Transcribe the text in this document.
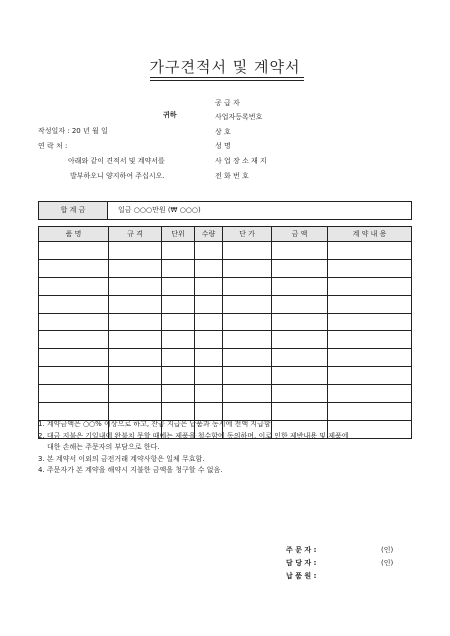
가구견적서 및 계약서
귀하
작성일자 : 20 년 월 일
연 락 처 :
아래와 같이 견적서 및 계약서를
발부하오니 양지하여 주십시오.
공 급 자
사업자등록번호
상 호
성 명
사 업 장 소 재 지
전 화 번 호
합 계 금	일금 ○○○만원 (₩ ○○○)
품 명	규 격	단위	수량	단 가	금 액	계 약 내 용

1. 계약금액은 ○○% 이상으로 하고, 잔금 지급은 납품과 동시에 전액 지급함.
2. 대금 지불은 기일내에 완불치 못할 때에는 제품을 철수함에 동의하며, 이로 인한 제반내용 및 제품에
대한 손해는 주문자의 부담으로 한다.
3. 본 계약서 이외의 금전거래 계약사항은 일체 무효함.
4. 주문자가 본 계약을 해약시 지불한 금액을 청구할 수 없음.
주 문 자 :	(인)
담 당 자 :	(인)
납 품 원 :
